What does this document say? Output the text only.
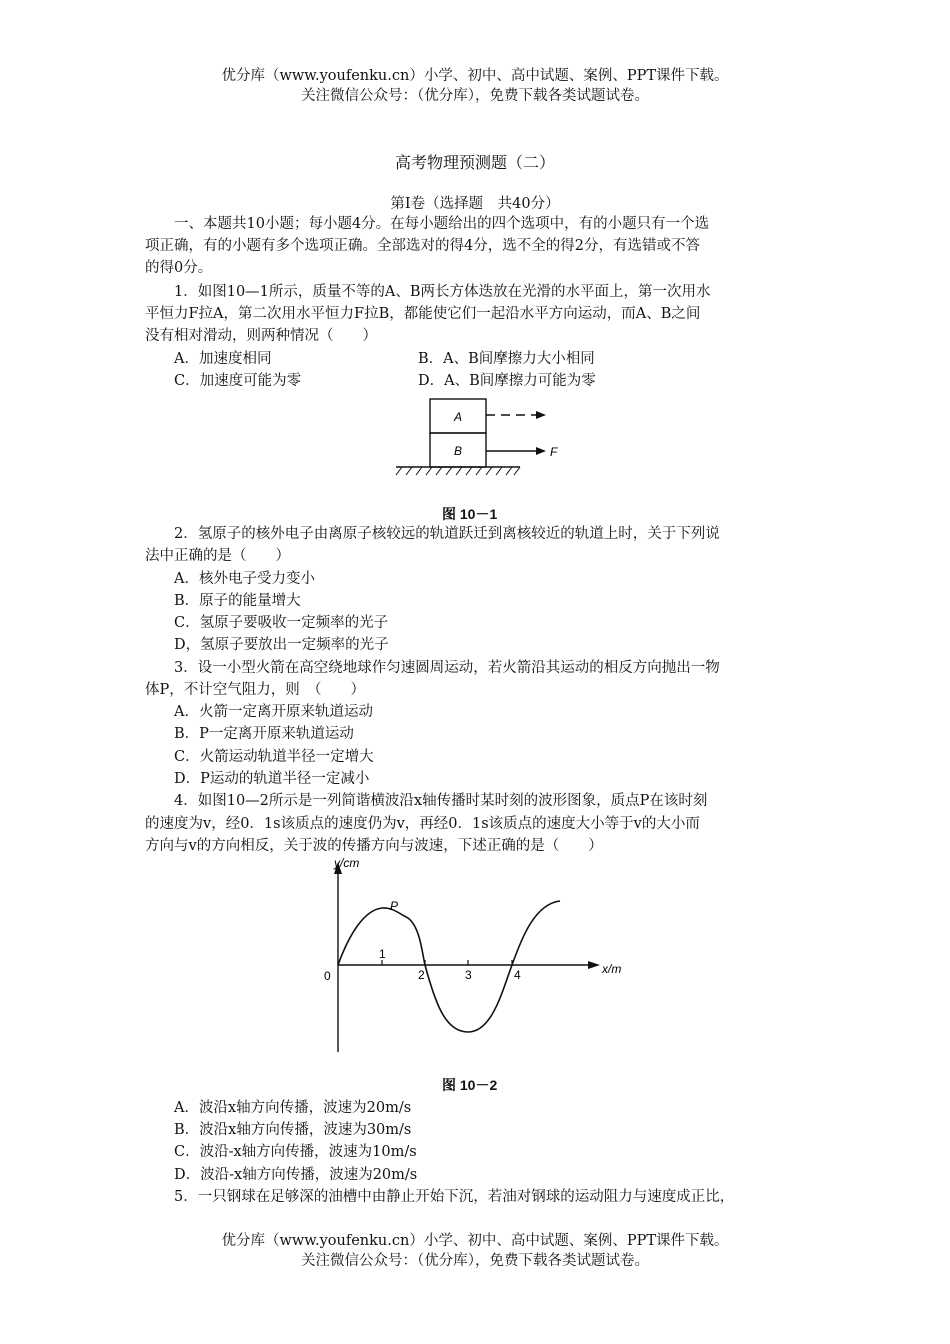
优分库（www.youfenku.cn）小学、初中、高中试题、案例、PPT课件下载。
关注微信公众号：（优分库），免费下载各类试题试卷。
高考物理预测题（二）
第Ⅰ卷（选择题　共40分）
一、本题共10小题；每小题4分。在每小题给出的四个选项中，有的小题只有一个选
项正确，有的小题有多个选项正确。全部选对的得4分，选不全的得2分，有选错或不答
的得0分。
1．如图10—1所示，质量不等的A、B两长方体迭放在光滑的水平面上，第一次用水
平恒力F拉A，第二次用水平恒力F拉B，都能使它们一起沿水平方向运动，而A、B之间
没有相对滑动，则两种情况（　　）
A．加速度相同	B．A、B间摩擦力大小相同
C．加速度可能为零	D．A、B间摩擦力可能为零
A
B	F
图 10－1
2．氢原子的核外电子由离原子核较远的轨道跃迁到离核较近的轨道上时，关于下列说
法中正确的是（　　）
A．核外电子受力变小
B．原子的能量增大
C．氢原子要吸收一定频率的光子
D，氢原子要放出一定频率的光子
3．设一小型火箭在高空绕地球作匀速圆周运动，若火箭沿其运动的相反方向抛出一物
体P，不计空气阻力，则　（　　）
A．火箭一定离开原来轨道运动
B．P一定离开原来轨道运动
C．火箭运动轨道半径一定增大
D．P运动的轨道半径一定减小
4．如图10—2所示是一列简谐横波沿x轴传播时某时刻的波形图象，质点P在该时刻
的速度为v，经0．1s该质点的速度仍为v，再经0．1s该质点的速度大小等于v的大小而
方向与v的方向相反，关于波的传播方向与波速，下述正确的是（　　）
y/cm
x/m
0
1
2	3	4
P
图 10－2
A．波沿x轴方向传播，波速为20m/s
B．波沿x轴方向传播，波速为30m/s
C．波沿-x轴方向传播，波速为10m/s
D．波沿-x轴方向传播，波速为20m/s
5．一只钢球在足够深的油槽中由静止开始下沉，若油对钢球的运动阻力与速度成正比，
优分库（www.youfenku.cn）小学、初中、高中试题、案例、PPT课件下载。
关注微信公众号：（优分库），免费下载各类试题试卷。
